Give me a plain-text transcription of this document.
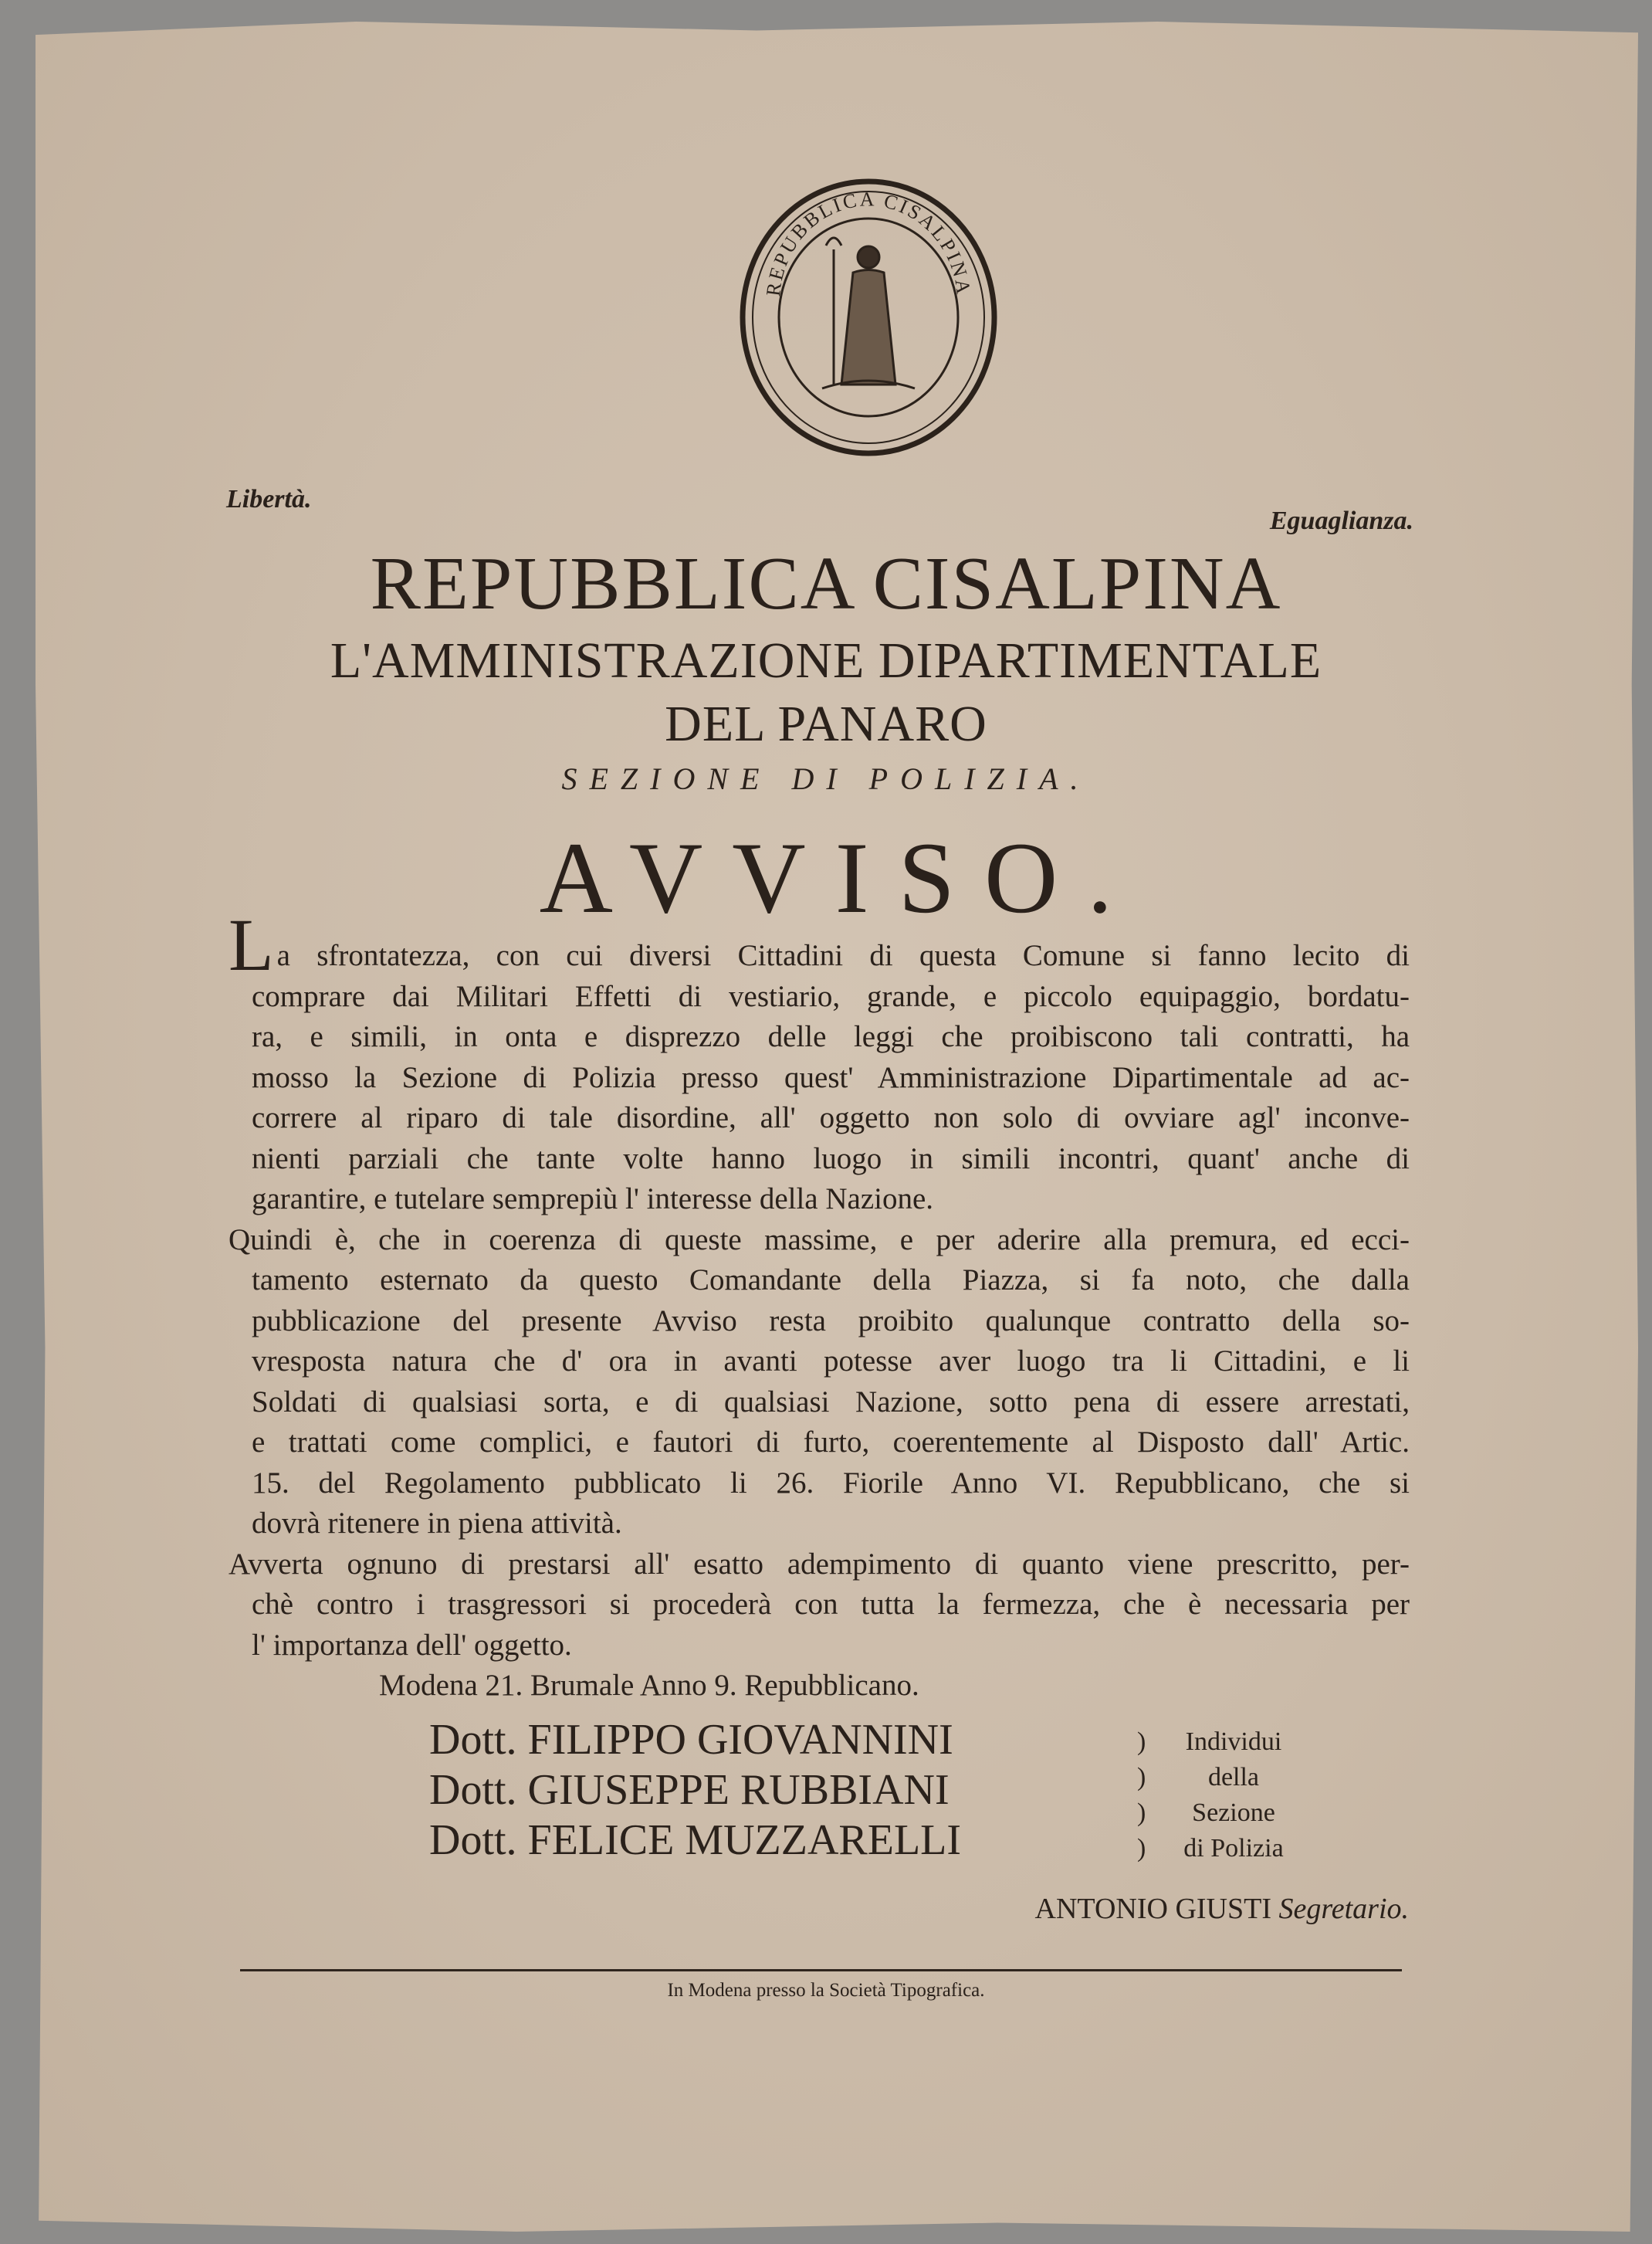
REPUBBLICA CISALPINA
Libertà.
Eguaglianza.
REPUBBLICA CISALPINA
L'AMMINISTRAZIONE DIPARTIMENTALE
DEL PANARO
SEZIONE DI POLIZIA.
AVVISO.
La sfrontatezza, con cui diversi Cittadini di questa Comune si fanno lecito di
comprare dai Militari Effetti di vestiario, grande, e piccolo equipaggio, bordatu-
ra, e simili, in onta e disprezzo delle leggi che proibiscono tali contratti, ha
mosso la Sezione di Polizia presso quest' Amministrazione Dipartimentale ad ac-
correre al riparo di tale disordine, all' oggetto non solo di ovviare agl' inconve-
nienti parziali che tante volte hanno luogo in simili incontri, quant' anche di
garantire, e tutelare semprepiù l' interesse della Nazione.
Quindi è, che in coerenza di queste massime, e per aderire alla premura, ed ecci-
tamento esternato da questo Comandante della Piazza, si fa noto, che dalla
pubblicazione del presente Avviso resta proibito qualunque contratto della so-
vresposta natura che d' ora in avanti potesse aver luogo tra li Cittadini, e li
Soldati di qualsiasi sorta, e di qualsiasi Nazione, sotto pena di essere arrestati,
e trattati come complici, e fautori di furto, coerentemente al Disposto dall' Artic.
15. del Regolamento pubblicato li 26. Fiorile Anno VI. Repubblicano, che si
dovrà ritenere in piena attività.
Avverta ognuno di prestarsi all' esatto adempimento di quanto viene prescritto, per-
chè contro i trasgressori si procederà con tutta la fermezza, che è necessaria per
l' importanza dell' oggetto.
Modena 21. Brumale Anno 9. Repubblicano.
Dott. FILIPPO GIOVANNINI
Dott. GIUSEPPE RUBBIANI
Dott. FELICE MUZZARELLI
)
)
)
)
Individui
della
Sezione
di Polizia
ANTONIO GIUSTI Segretario.
In Modena presso la Società Tipografica.
